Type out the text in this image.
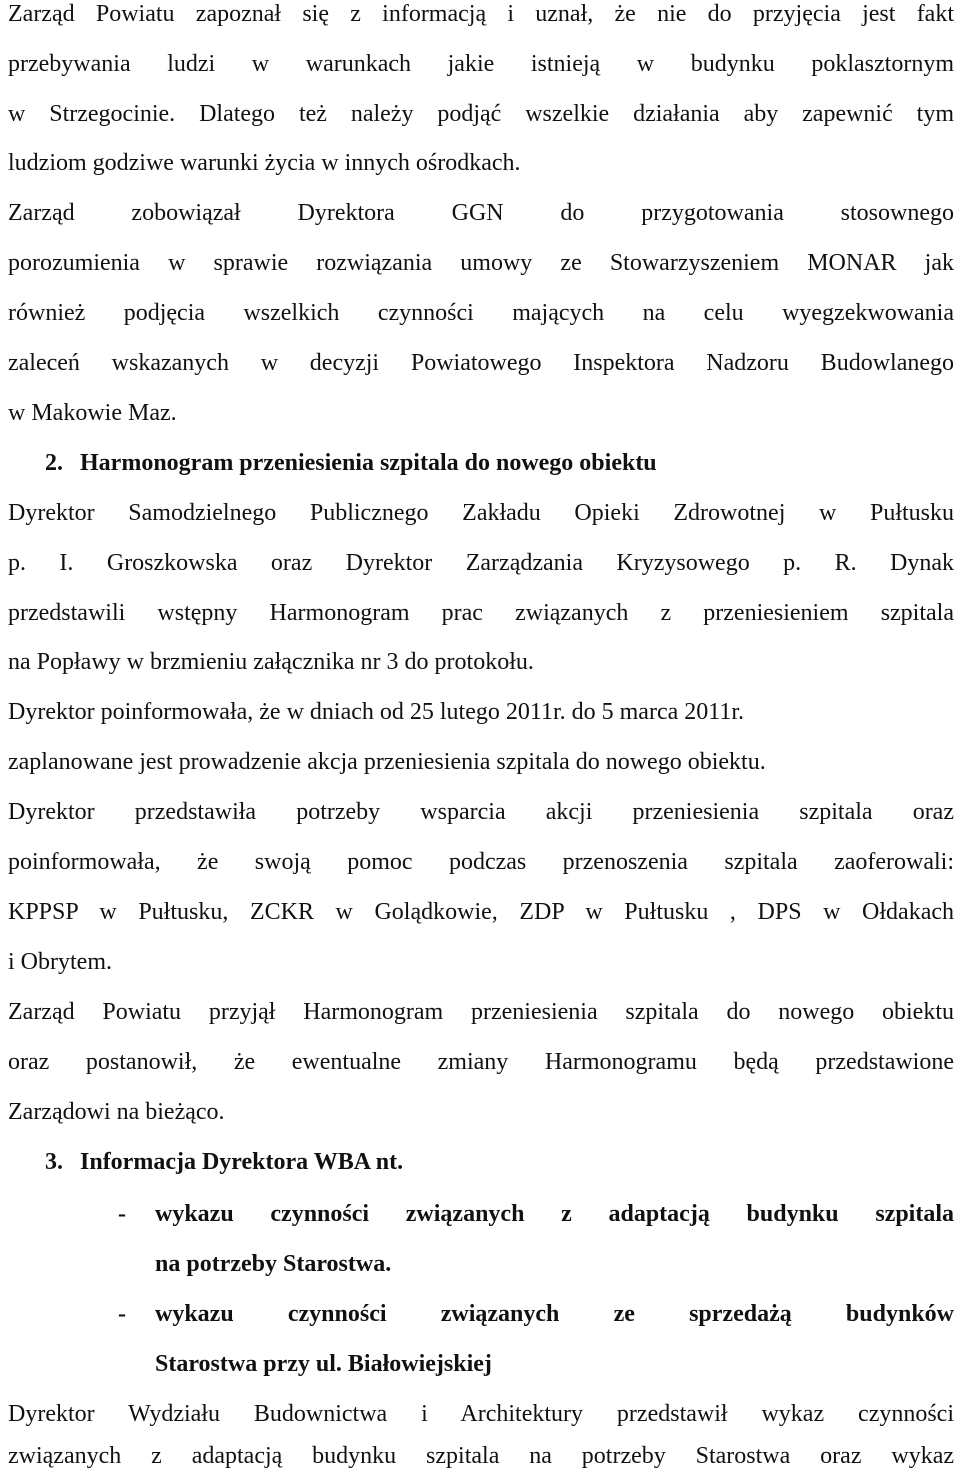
Zarząd Powiatu zapoznał się z informacją i uznał, że nie do przyjęcia jest fakt
przebywania ludzi w warunkach jakie istnieją w budynku poklasztornym
w Strzegocinie. Dlatego też należy podjąć wszelkie działania aby zapewnić tym
ludziom godziwe warunki życia w innych ośrodkach.
Zarząd zobowiązał Dyrektora GGN do przygotowania stosownego
porozumienia w sprawie rozwiązania umowy ze Stowarzyszeniem MONAR jak
również podjęcia wszelkich czynności mających na celu wyegzekwowania
zaleceń wskazanych w decyzji Powiatowego Inspektora Nadzoru Budowlanego
w Makowie Maz.
2. Harmonogram przeniesienia szpitala do nowego obiektu
Dyrektor Samodzielnego Publicznego Zakładu Opieki Zdrowotnej w Pułtusku
p. I. Groszkowska oraz Dyrektor Zarządzania Kryzysowego p. R. Dynak
przedstawili wstępny Harmonogram prac związanych z przeniesieniem szpitala
na Popławy w brzmieniu załącznika nr 3 do protokołu.
Dyrektor poinformowała, że w dniach od 25 lutego 2011r. do 5 marca 2011r.
zaplanowane jest prowadzenie akcja przeniesienia szpitala do nowego obiektu.
Dyrektor przedstawiła potrzeby wsparcia akcji przeniesienia szpitala oraz
poinformowała, że swoją pomoc podczas przenoszenia szpitala zaoferowali:
KPPSP w Pułtusku, ZCKR w Golądkowie, ZDP w Pułtusku , DPS w Ołdakach
i Obrytem.
Zarząd Powiatu przyjął Harmonogram przeniesienia szpitala do nowego obiektu
oraz postanowił, że ewentualne zmiany Harmonogramu będą przedstawione
Zarządowi na bieżąco.
3. Informacja Dyrektora WBA nt.
- wykazu czynności związanych z adaptacją budynku szpitala
na potrzeby Starostwa.
- wykazu czynności związanych ze sprzedażą budynków
Starostwa przy ul. Białowiejskiej
Dyrektor Wydziału Budownictwa i Architektury przedstawił wykaz czynności
związanych z adaptacją budynku szpitala na potrzeby Starostwa oraz wykaz
